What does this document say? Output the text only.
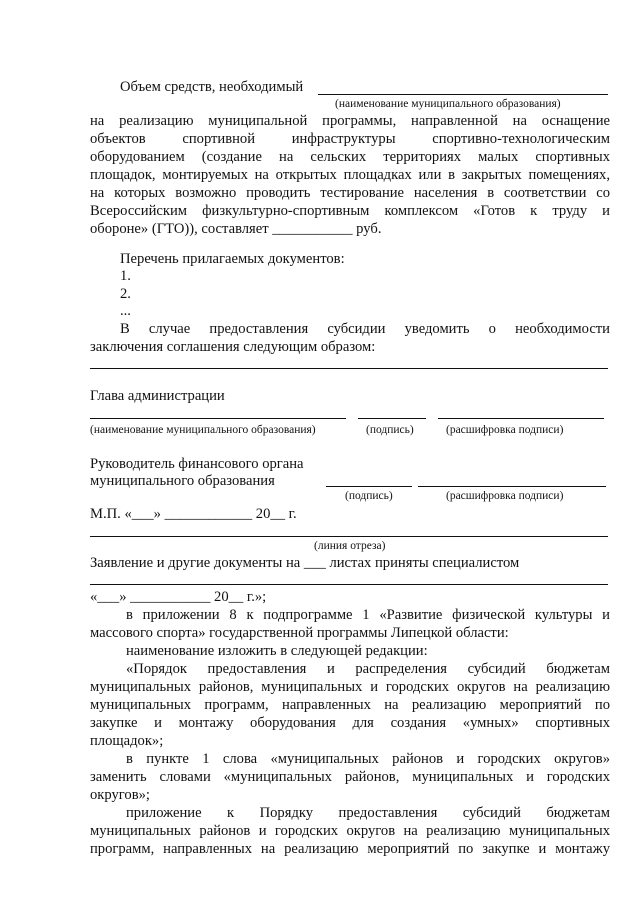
Объем средств, необходимый
(наименование муниципального образования)
на реализацию муниципальной программы, направленной на оснащение
объектов спортивной инфраструктуры спортивно-технологическим
оборудованием (создание на сельских территориях малых спортивных
площадок, монтируемых на открытых площадках или в закрытых помещениях,
на которых возможно проводить тестирование населения в соответствии со
Всероссийским физкультурно-спортивным комплексом «Готов к труду и
обороне» (ГТО)), составляет ___________ руб.
Перечень прилагаемых документов:
1.
2.
...
В случае предоставления субсидии уведомить о необходимости
заключения соглашения следующим образом:
Глава администрации
(наименование муниципального образования)	(подпись)	(расшифровка подписи)
Руководитель финансового органа
муниципального образования
(подпись)	(расшифровка подписи)
М.П. «___» ____________ 20__ г.
(линия отреза)
Заявление и другие документы на ___ листах приняты специалистом
«___» ___________ 20__ г.»;
в приложении 8 к подпрограмме 1 «Развитие физической культуры и
массового спорта» государственной программы Липецкой области:
наименование изложить в следующей редакции:
«Порядок предоставления и распределения субсидий бюджетам
муниципальных районов, муниципальных и городских округов на реализацию
муниципальных программ, направленных на реализацию мероприятий по
закупке и монтажу оборудования для создания «умных» спортивных
площадок»;
в пункте 1 слова «муниципальных районов и городских округов»
заменить словами «муниципальных районов, муниципальных и городских
округов»;
приложение к Порядку предоставления субсидий бюджетам
муниципальных районов и городских округов на реализацию муниципальных
программ, направленных на реализацию мероприятий по закупке и монтажу
